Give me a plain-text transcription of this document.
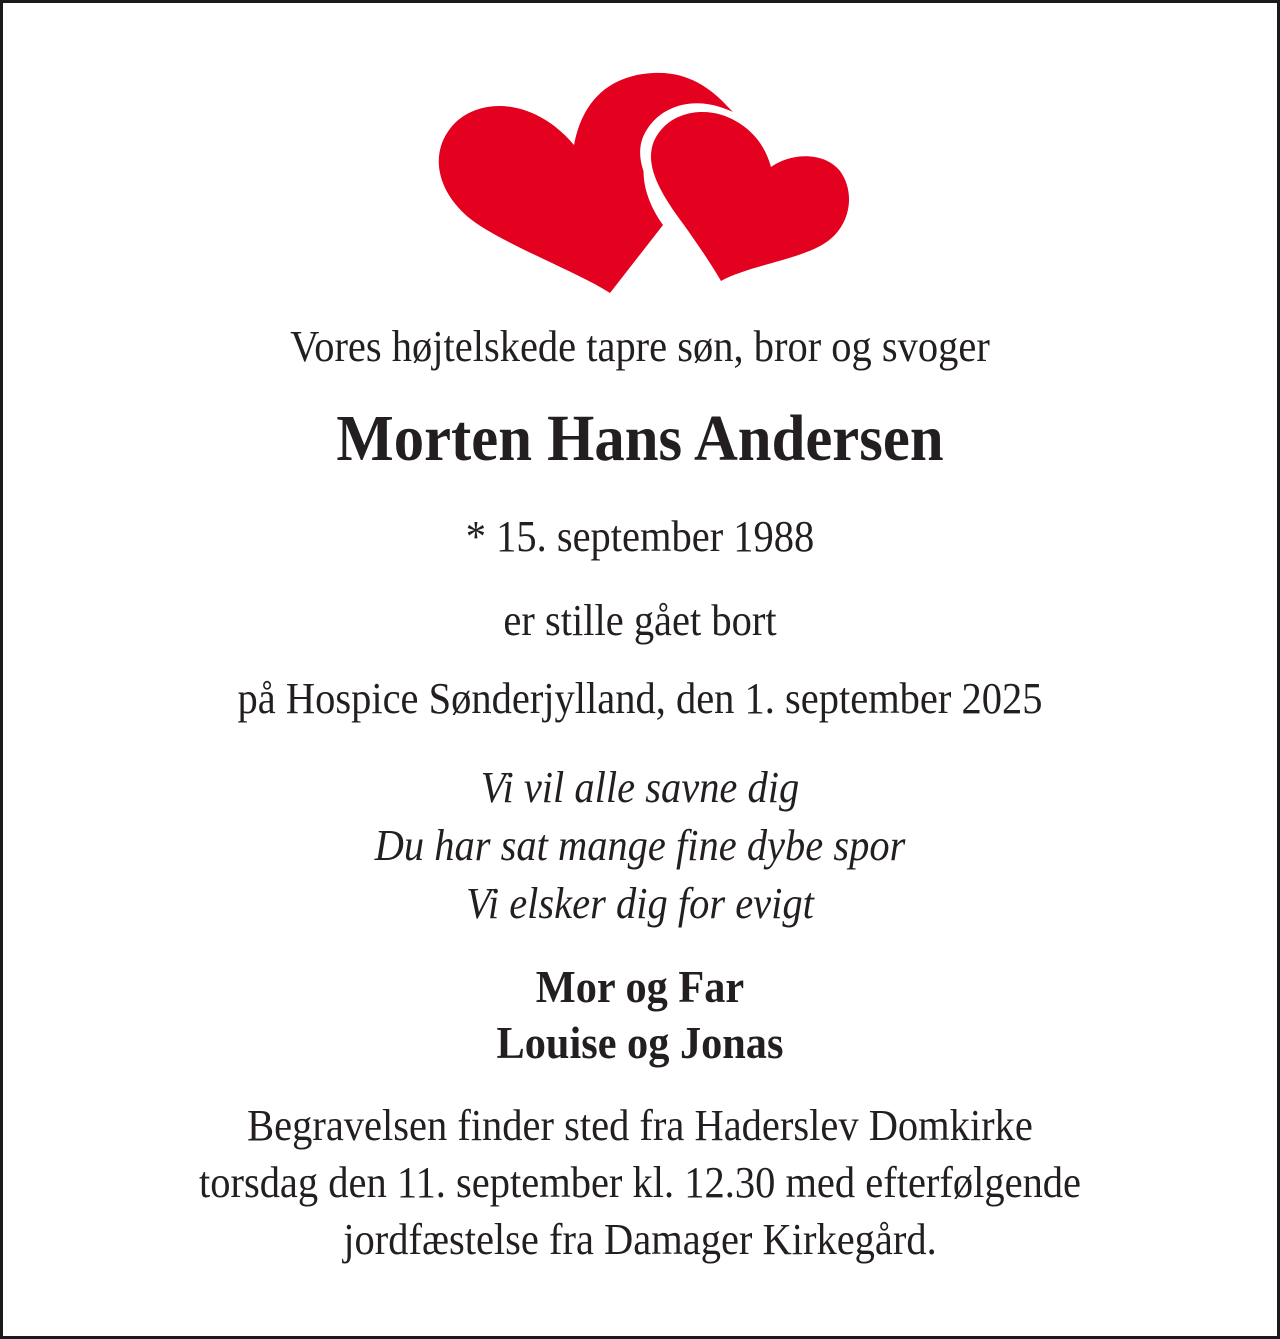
Vores højtelskede tapre søn, bror og svoger
Morten Hans Andersen
* 15. september 1988
er stille gået bort
på Hospice Sønderjylland, den 1. september 2025
Vi vil alle savne dig
Du har sat mange fine dybe spor
Vi elsker dig for evigt
Mor og Far
Louise og Jonas
Begravelsen finder sted fra Haderslev Domkirke
torsdag den 11. september kl. 12.30 med efterfølgende
jordfæstelse fra Damager Kirkegård.
